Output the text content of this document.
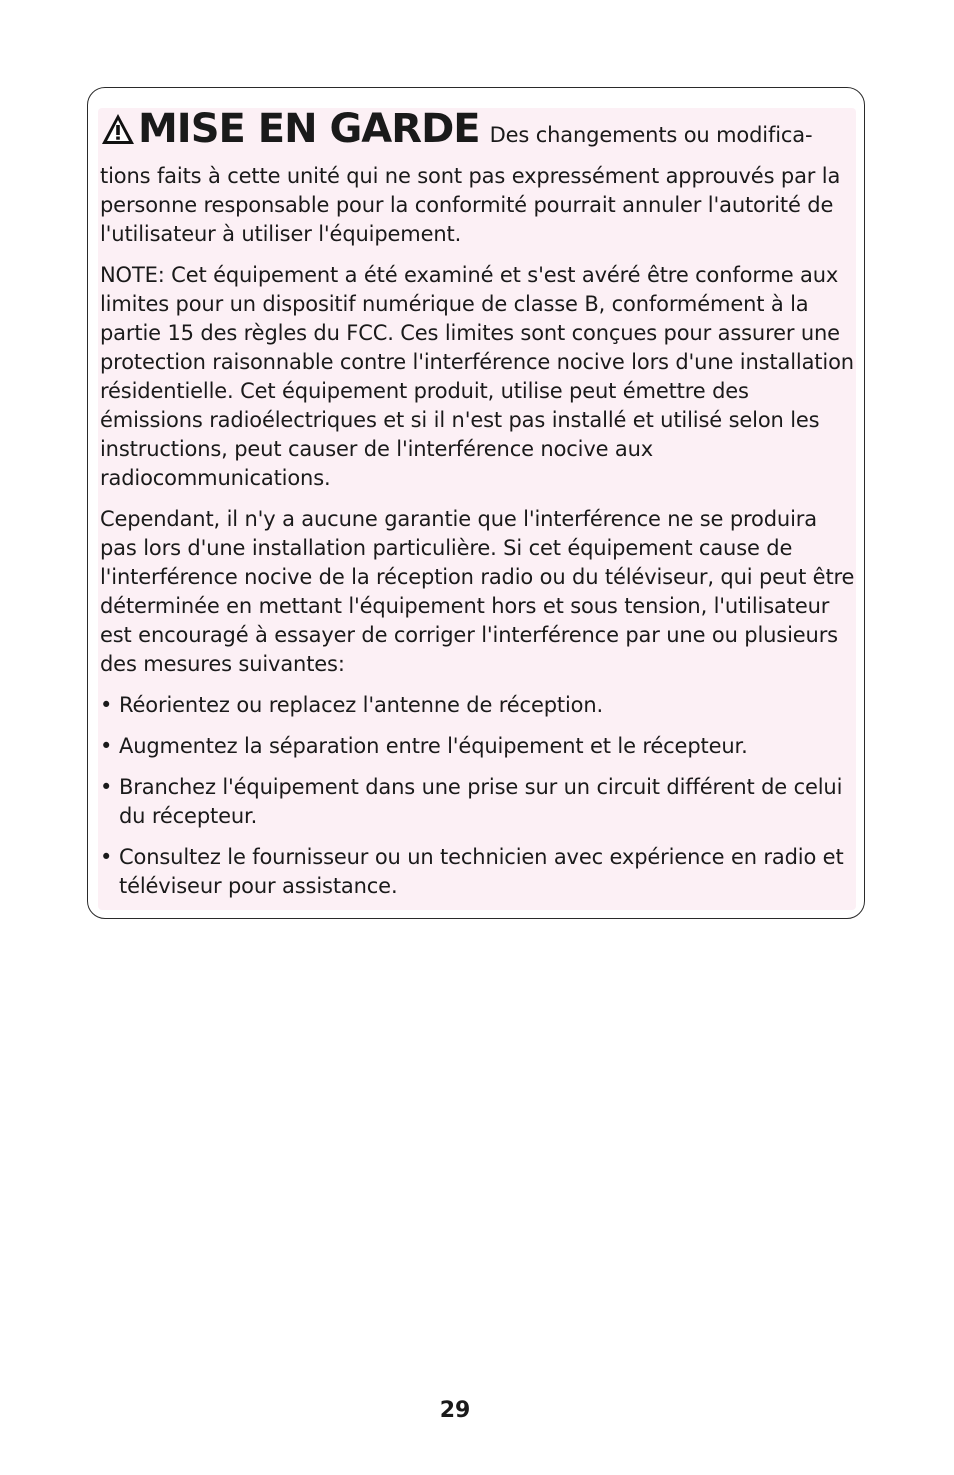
MISE EN GARDE Des changements ou modifica-

tions faits à cette unité qui ne sont pas expressément approuvés par la personne responsable pour la conformité pourrait annuler l'autorité de l'utilisateur à utiliser l'équipement.

NOTE: Cet équipement a été examiné et s'est avéré être conforme aux limites pour un dispositif numérique de classe B, conformément à la partie 15 des règles du FCC. Ces limites sont conçues pour assurer une protection raisonnable contre l'interférence nocive lors d'une installation résidentielle. Cet équipement produit, utilise peut émettre des émissions radioélectriques et si il n'est pas installé et utilisé selon les instructions, peut causer de l'interférence nocive aux radiocommunications.

Cependant, il n'y a aucune garantie que l'interférence ne se produira pas lors d'une installation particulière. Si cet équipement cause de l'interférence nocive de la réception radio ou du téléviseur, qui peut être déterminée en mettant l'équipement hors et sous tension, l'utilisateur est encouragé à essayer de corriger l'interférence par une ou plusieurs des mesures suivantes:

• Réorientez ou replacez l'antenne de réception.
• Augmentez la séparation entre l'équipement et le récepteur.
• Branchez l'équipement dans une prise sur un circuit différent de celui du récepteur.
• Consultez le fournisseur ou un technicien avec expérience en radio et téléviseur pour assistance.
29
